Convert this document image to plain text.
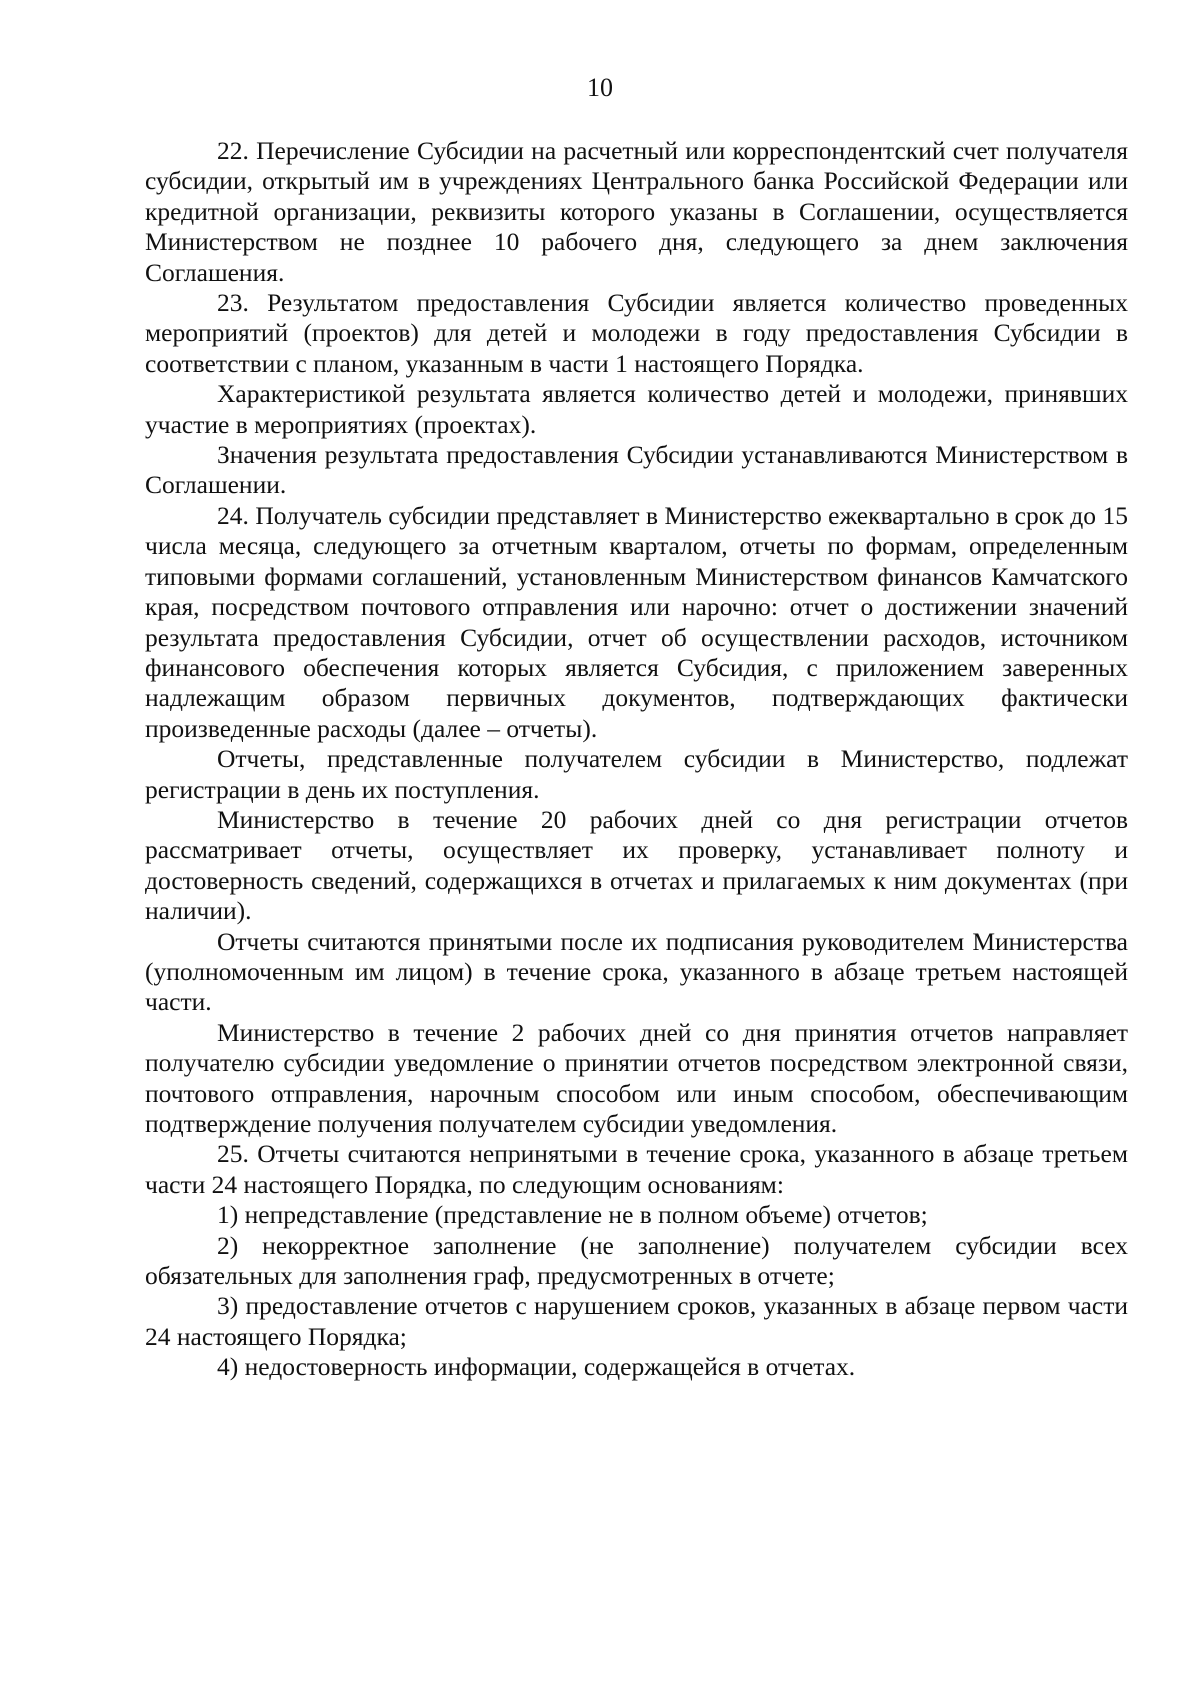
10

22. Перечисление Субсидии на расчетный или корреспондентский счет получателя субсидии, открытый им в учреждениях Центрального банка Российской Федерации или кредитной организации, реквизиты которого указаны в Соглашении, осуществляется Министерством не позднее 10 рабочего дня, следующего за днем заключения Соглашения.

23. Результатом предоставления Субсидии является количество проведенных мероприятий (проектов) для детей и молодежи в году предоставления Субсидии в соответствии с планом, указанным в части 1 настоящего Порядка.

Характеристикой результата является количество детей и молодежи, принявших участие в мероприятиях (проектах).

Значения результата предоставления Субсидии устанавливаются Министерством в Соглашении.

24. Получатель субсидии представляет в Министерство ежеквартально в срок до 15 числа месяца, следующего за отчетным кварталом, отчеты по формам, определенным типовыми формами соглашений, установленным Министерством финансов Камчатского края, посредством почтового отправления или нарочно: отчет о достижении значений результата предоставления Субсидии, отчет об осуществлении расходов, источником финансового обеспечения которых является Субсидия, с приложением заверенных надлежащим образом первичных документов, подтверждающих фактически произведенные расходы (далее – отчеты).

Отчеты, представленные получателем субсидии в Министерство, подлежат регистрации в день их поступления.

Министерство в течение 20 рабочих дней со дня регистрации отчетов рассматривает отчеты, осуществляет их проверку, устанавливает полноту и достоверность сведений, содержащихся в отчетах и прилагаемых к ним документах (при наличии).

Отчеты считаются принятыми после их подписания руководителем Министерства (уполномоченным им лицом) в течение срока, указанного в абзаце третьем настоящей части.

Министерство в течение 2 рабочих дней со дня принятия отчетов направляет получателю субсидии уведомление о принятии отчетов посредством электронной связи, почтового отправления, нарочным способом или иным способом, обеспечивающим подтверждение получения получателем субсидии уведомления.

25. Отчеты считаются непринятыми в течение срока, указанного в абзаце третьем части 24 настоящего Порядка, по следующим основаниям:

1) непредставление (представление не в полном объеме) отчетов;

2) некорректное заполнение (не заполнение) получателем субсидии всех обязательных для заполнения граф, предусмотренных в отчете;

3) предоставление отчетов с нарушением сроков, указанных в абзаце первом части 24 настоящего Порядка;

4) недостоверность информации, содержащейся в отчетах.
